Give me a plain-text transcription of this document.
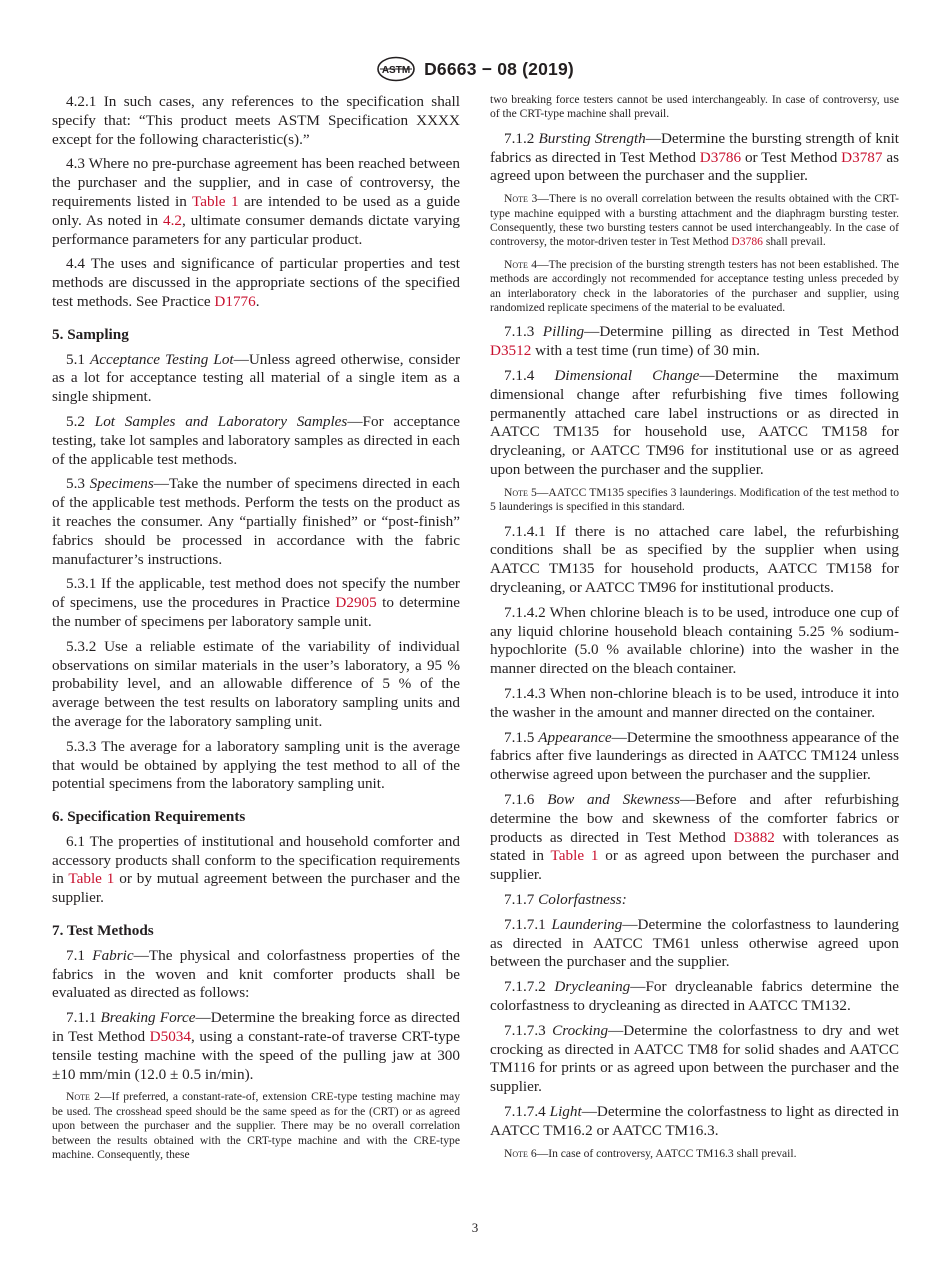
ASTM D6663 − 08 (2019)

4.2.1 In such cases, any references to the specification shall specify that: “This product meets ASTM Specification XXXX except for the following characteristic(s).”

4.3 Where no pre-purchase agreement has been reached between the purchaser and the supplier, and in case of controversy, the requirements listed in Table 1 are intended to be used as a guide only. As noted in 4.2, ultimate consumer demands dictate varying performance parameters for any particular product.

4.4 The uses and significance of particular properties and test methods are discussed in the appropriate sections of the specified test methods. See Practice D1776.

5. Sampling

5.1 Acceptance Testing Lot—Unless agreed otherwise, consider as a lot for acceptance testing all material of a single item as a single shipment.

5.2 Lot Samples and Laboratory Samples—For acceptance testing, take lot samples and laboratory samples as directed in each of the applicable test methods.

5.3 Specimens—Take the number of specimens directed in each of the applicable test methods. Perform the tests on the product as it reaches the consumer. Any “partially finished” or “post-finish” fabrics should be processed in accordance with the fabric manufacturer’s instructions.

5.3.1 If the applicable, test method does not specify the number of specimens, use the procedures in Practice D2905 to determine the number of specimens per laboratory sample unit.

5.3.2 Use a reliable estimate of the variability of individual observations on similar materials in the user’s laboratory, a 95 % probability level, and an allowable difference of 5 % of the average between the test results on laboratory sampling units and the average for the laboratory sampling unit.

5.3.3 The average for a laboratory sampling unit is the average that would be obtained by applying the test method to all of the potential specimens from the laboratory sampling unit.

6. Specification Requirements

6.1 The properties of institutional and household comforter and accessory products shall conform to the specification requirements in Table 1 or by mutual agreement between the purchaser and the supplier.

7. Test Methods

7.1 Fabric—The physical and colorfastness properties of the fabrics in the woven and knit comforter products shall be evaluated as directed as follows:

7.1.1 Breaking Force—Determine the breaking force as directed in Test Method D5034, using a constant-rate-of traverse CRT-type tensile testing machine with the speed of the pulling jaw at 300 ±10 mm/min (12.0 ± 0.5 in/min).

Note 2—If preferred, a constant-rate-of, extension CRE-type testing machine may be used. The crosshead speed should be the same speed as for the (CRT) or as agreed upon between the purchaser and the supplier. There may be no overall correlation between the results obtained with the CRT-type machine and with the CRE-type machine. Consequently, these
two breaking force testers cannot be used interchangeably. In case of controversy, use of the CRT-type machine shall prevail.

7.1.2 Bursting Strength—Determine the bursting strength of knit fabrics as directed in Test Method D3786 or Test Method D3787 as agreed upon between the purchaser and the supplier.

Note 3—There is no overall correlation between the results obtained with the CRT-type machine equipped with a bursting attachment and the diaphragm bursting tester. Consequently, these two bursting testers cannot be used interchangeably. In the case of controversy, the motor-driven tester in Test Method D3786 shall prevail.
Note 4—The precision of the bursting strength testers has not been established. The methods are accordingly not recommended for acceptance testing unless preceded by an interlaboratory check in the laboratories of the purchaser and supplier, using randomized replicate specimens of the material to be evaluated.

7.1.3 Pilling—Determine pilling as directed in Test Method D3512 with a test time (run time) of 30 min.

7.1.4 Dimensional Change—Determine the maximum dimensional change after refurbishing five times following permanently attached care label instructions or as directed in AATCC TM135 for household use, AATCC TM158 for drycleaning, or AATCC TM96 for institutional use or as agreed upon between the purchaser and the supplier.

Note 5—AATCC TM135 specifies 3 launderings. Modification of the test method to 5 launderings is specified in this standard.

7.1.4.1 If there is no attached care label, the refurbishing conditions shall be as specified by the supplier when using AATCC TM135 for household products, AATCC TM158 for drycleaning, or AATCC TM96 for institutional products.

7.1.4.2 When chlorine bleach is to be used, introduce one cup of any liquid chlorine household bleach containing 5.25 % sodium-hypochlorite (5.0 % available chlorine) into the washer in the manner directed on the bleach container.

7.1.4.3 When non-chlorine bleach is to be used, introduce it into the washer in the amount and manner directed on the container.

7.1.5 Appearance—Determine the smoothness appearance of the fabrics after five launderings as directed in AATCC TM124 unless otherwise agreed upon between the purchaser and the supplier.

7.1.6 Bow and Skewness—Before and after refurbishing determine the bow and skewness of the comforter fabrics or products as directed in Test Method D3882 with tolerances as stated in Table 1 or as agreed upon between the purchaser and supplier.

7.1.7 Colorfastness:

7.1.7.1 Laundering—Determine the colorfastness to laundering as directed in AATCC TM61 unless otherwise agreed upon between the purchaser and the supplier.

7.1.7.2 Drycleaning—For drycleanable fabrics determine the colorfastness to drycleaning as directed in AATCC TM132.

7.1.7.3 Crocking—Determine the colorfastness to dry and wet crocking as directed in AATCC TM8 for solid shades and AATCC TM116 for prints or as agreed upon between the purchaser and the supplier.

7.1.7.4 Light—Determine the colorfastness to light as directed in AATCC TM16.2 or AATCC TM16.3.

Note 6—In case of controversy, AATCC TM16.3 shall prevail.
3
